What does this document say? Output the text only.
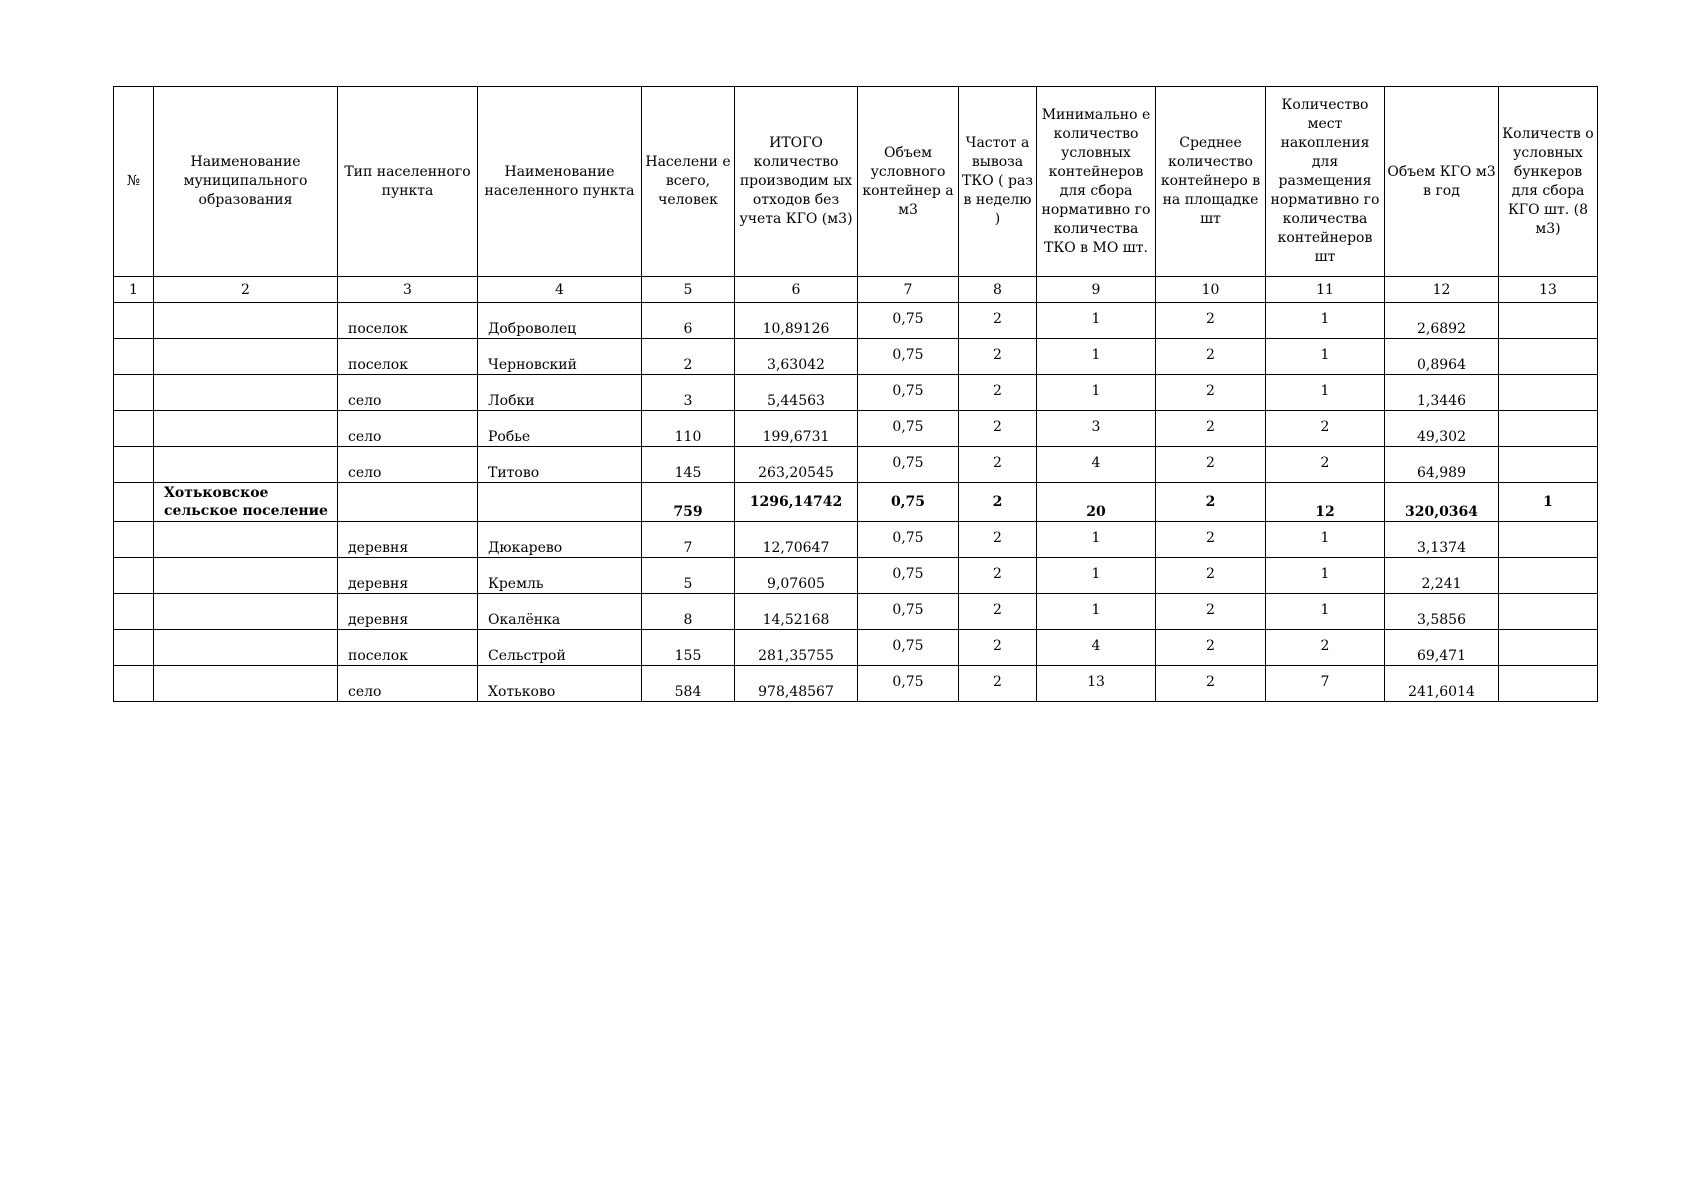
№	Наименование муниципального образования	Тип населенного пункта	Наименование населенного пункта	Населени е всего, человек	ИТОГО количество производим ых отходов без учета КГО (м3)	Объем условного контейнер а м3	Частот а вывоза ТКО ( раз в неделю )	Минимально е количество условных контейнеров для сбора нормативно го количества ТКО в МО шт.	Среднее количество контейнеро в на площадке шт	Количество мест накопления для размещения нормативно го количества контейнеров шт	Объем КГО м3 в год	Количеств о условных бункеров для сбора КГО шт. (8 м3)
1	2	3	4	5	6	7	8	9	10	11	12	13
		поселок	Доброволец	6	10,89126	0,75	2	1	2	1	2,6892	
		поселок	Черновский	2	3,63042	0,75	2	1	2	1	0,8964	
		село	Лобки	3	5,44563	0,75	2	1	2	1	1,3446	
		село	Робье	110	199,6731	0,75	2	3	2	2	49,302	
		село	Титово	145	263,20545	0,75	2	4	2	2	64,989	
	Хотьковское сельское поселение			759	1296,14742	0,75	2	20	2	12	320,0364	1
		деревня	Дюкарево	7	12,70647	0,75	2	1	2	1	3,1374	
		деревня	Кремль	5	9,07605	0,75	2	1	2	1	2,241	
		деревня	Окалёнка	8	14,52168	0,75	2	1	2	1	3,5856	
		поселок	Сельстрой	155	281,35755	0,75	2	4	2	2	69,471	
		село	Хотьково	584	978,48567	0,75	2	13	2	7	241,6014	
